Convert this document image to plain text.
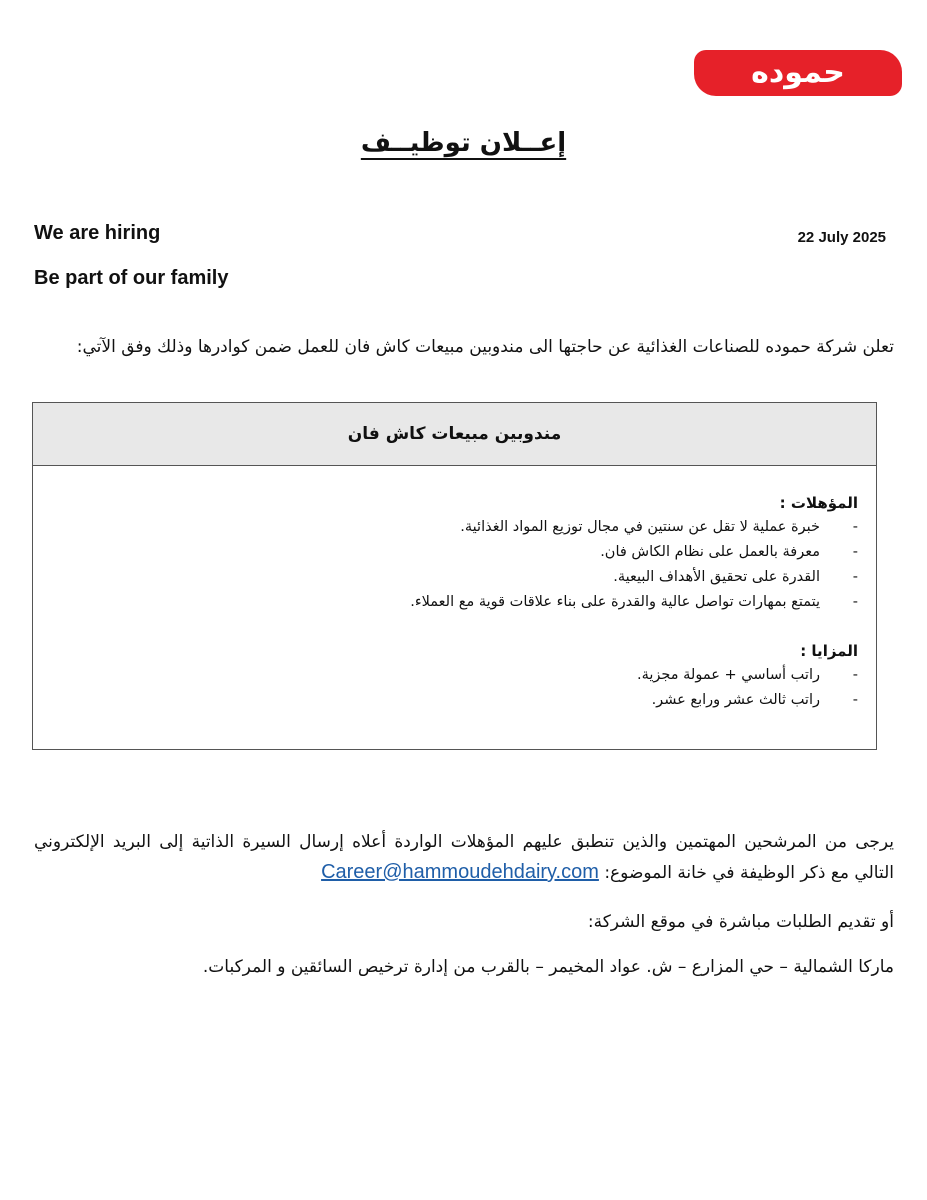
حموده
إعــلان توظيــف
We are hiring	22 July 2025
Be part of our family
تعلن شركة حموده للصناعات الغذائية عن حاجتها الى مندوبين مبيعات كاش فان للعمل ضمن كوادرها وذلك وفق الآتي:
مندوبين مبيعات كاش فان
المؤهلات :
- خبرة عملية لا تقل عن سنتين في مجال توزيع المواد الغذائية.
- معرفة بالعمل على نظام الكاش فان.
- القدرة على تحقيق الأهداف البيعية.
- يتمتع بمهارات تواصل عالية والقدرة على بناء علاقات قوية مع العملاء.
المزايا :
- راتب أساسي + عمولة مجزية.
- راتب ثالث عشر ورابع عشر.
يرجى من المرشحين المهتمين والذين تنطبق عليهم المؤهلات الواردة أعلاه إرسال السيرة الذاتية إلى البريد الإلكتروني التالي مع ذكر الوظيفة في خانة الموضوع: Career@hammoudehdairy.com
أو تقديم الطلبات مباشرة في موقع الشركة:
ماركا الشمالية – حي المزارع – ش. عواد المخيمر – بالقرب من إدارة ترخيص السائقين و المركبات.
